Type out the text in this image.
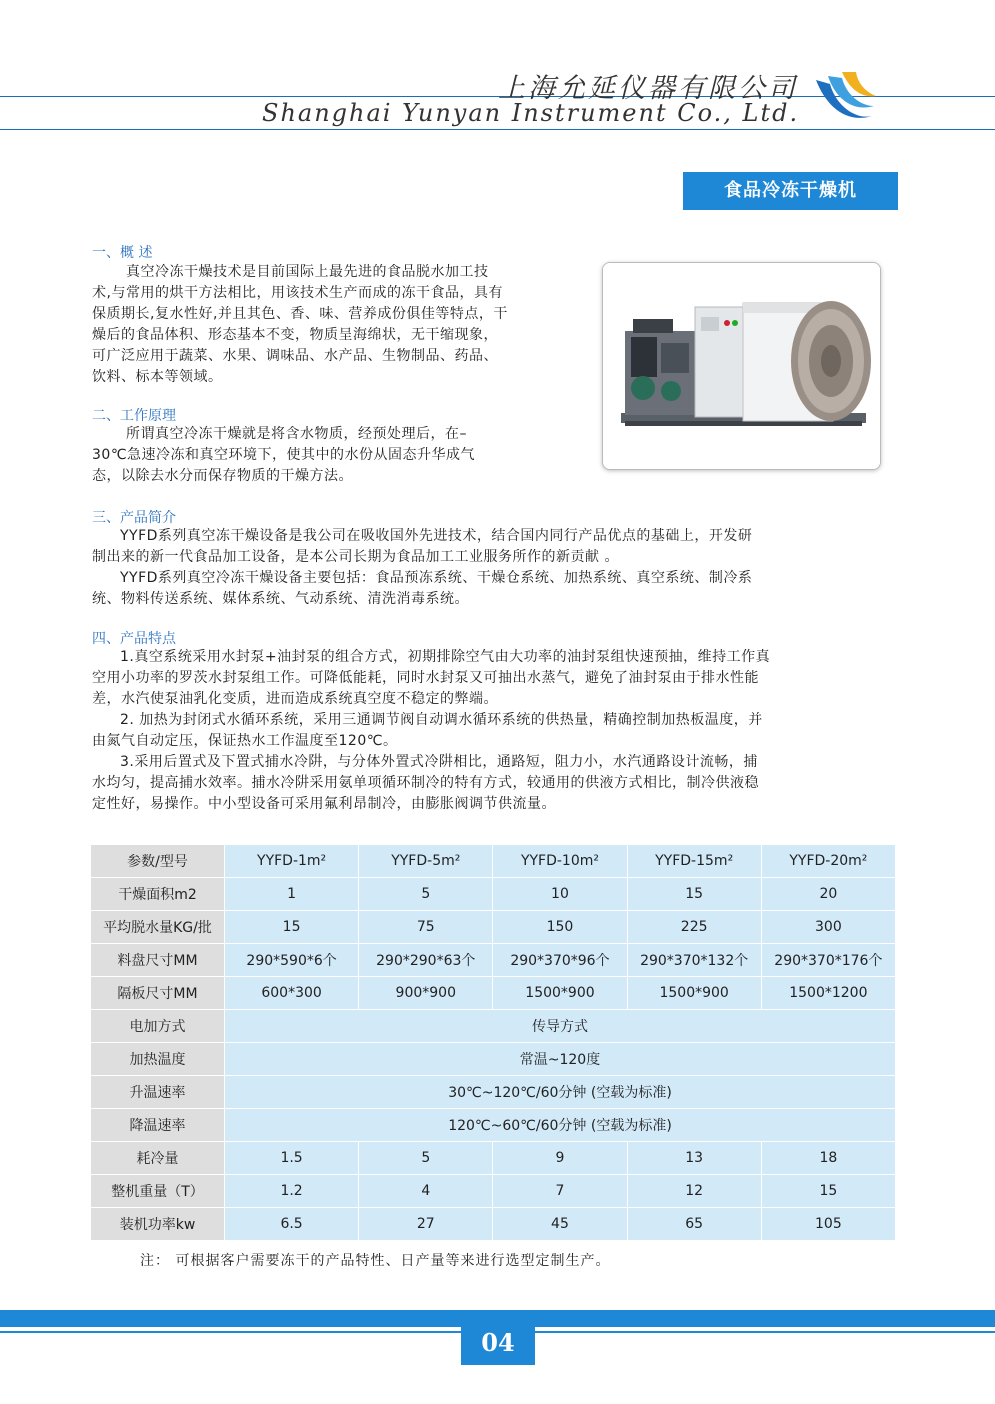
上海允延仪器有限公司
Shanghai Yunyan Instrument Co., Ltd.
食品冷冻干燥机
一、概 述
真空冷冻干燥技术是目前国际上最先进的食品脱水加工技
术,与常用的烘干方法相比，用该技术生产而成的冻干食品，具有
保质期长,复水性好,并且其色、香、味、营养成份俱佳等特点，干
燥后的食品体积、形态基本不变，物质呈海绵状，无干缩现象，
可广泛应用于蔬菜、水果、调味品、水产品、生物制品、药品、
饮料、标本等领域。
二、工作原理
所谓真空冷冻干燥就是将含水物质，经预处理后，在–
30℃急速冷冻和真空环境下，使其中的水份从固态升华成气
态，以除去水分而保存物质的干燥方法。
三、产品简介
YYFD系列真空冻干燥设备是我公司在吸收国外先进技术，结合国内同行产品优点的基础上，开发研
制出来的新一代食品加工设备，是本公司长期为食品加工工业服务所作的新贡献 。
YYFD系列真空冷冻干燥设备主要包括：食品预冻系统、干燥仓系统、加热系统、真空系统、制冷系
统、物料传送系统、媒体系统、气动系统、清洗消毒系统。
四、产品特点
1.真空系统采用水封泵+油封泵的组合方式，初期排除空气由大功率的油封泵组快速预抽，维持工作真
空用小功率的罗茨水封泵组工作。可降低能耗，同时水封泵又可抽出水蒸气，避免了油封泵由于排水性能
差，水汽使泵油乳化变质，进而造成系统真空度不稳定的弊端。
2. 加热为封闭式水循环系统，采用三通调节阀自动调水循环系统的供热量，精确控制加热板温度，并
由氮气自动定压，保证热水工作温度至120℃。
3.采用后置式及下置式捕水冷阱，与分体外置式冷阱相比，通路短，阻力小，水汽通路设计流畅，捕
水均匀，提高捕水效率。捕水冷阱采用氨单项循环制冷的特有方式，较通用的供液方式相比，制冷供液稳
定性好，易操作。中小型设备可采用氟利昂制冷，由膨胀阀调节供流量。
参数/型号	YYFD-1m²	YYFD-5m²	YYFD-10m²	YYFD-15m²	YYFD-20m²
干燥面积m2	1	5	10	15	20
平均脱水量KG/批	15	75	150	225	300
料盘尺寸MM	290*590*6个	290*290*63个	290*370*96个	290*370*132个	290*370*176个
隔板尺寸MM	600*300	900*900	1500*900	1500*900	1500*1200
电加方式	传导方式				
加热温度	常温~120度				
升温速率	30℃~120℃/60分钟 (空载为标准)				
降温速率	120℃~60℃/60分钟 (空载为标准)				
耗冷量	1.5	5	9	13	18
整机重量（T）	1.2	4	7	12	15
装机功率kw	6.5	27	45	65	105
注： 可根据客户需要冻干的产品特性、日产量等来进行选型定制生产。
04
